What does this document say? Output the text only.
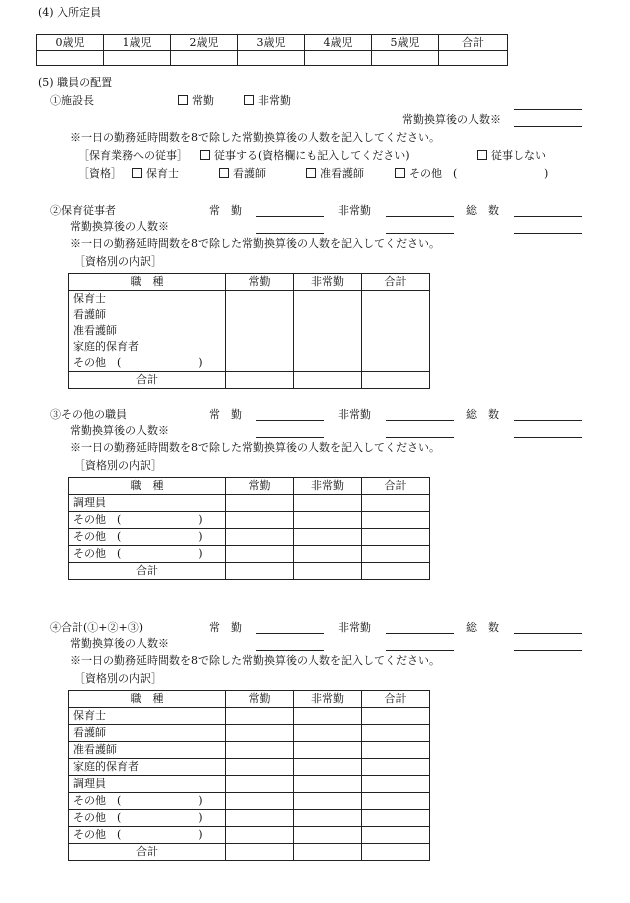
(4) 入所定員
0歳児	1歳児	2歳児	3歳児	4歳児	5歳児	合計

(5) 職員の配置
①施設長	常勤	非常勤
常勤換算後の人数※
※一日の勤務延時間数を8で除した常勤換算後の人数を記入してください。
［保育業務への従事］	従事する(資格欄にも記入してください)	従事しない
［資格］	保育士	看護師	准看護師	その他　(	)
②保育従事者	常　勤	非常勤	総　数
常勤換算後の人数※
※一日の勤務延時間数を8で除した常勤換算後の人数を記入してください。
［資格別の内訳］
職　種	常勤	非常勤	合計
保育士			
看護師			
准看護師			
家庭的保育者			
その他　(　　　　　　　)			
合計			
③その他の職員	常　勤	非常勤	総　数
常勤換算後の人数※
※一日の勤務延時間数を8で除した常勤換算後の人数を記入してください。
［資格別の内訳］
職　種	常勤	非常勤	合計
調理員			
その他　(　　　　　　　)			
その他　(　　　　　　　)			
その他　(　　　　　　　)			
合計			
④合計(①+②+③)	常　勤	非常勤	総　数
常勤換算後の人数※
※一日の勤務延時間数を8で除した常勤換算後の人数を記入してください。
［資格別の内訳］
職　種	常勤	非常勤	合計
保育士			
看護師			
准看護師			
家庭的保育者			
調理員			
その他　(　　　　　　　)			
その他　(　　　　　　　)			
その他　(　　　　　　　)			
合計			
